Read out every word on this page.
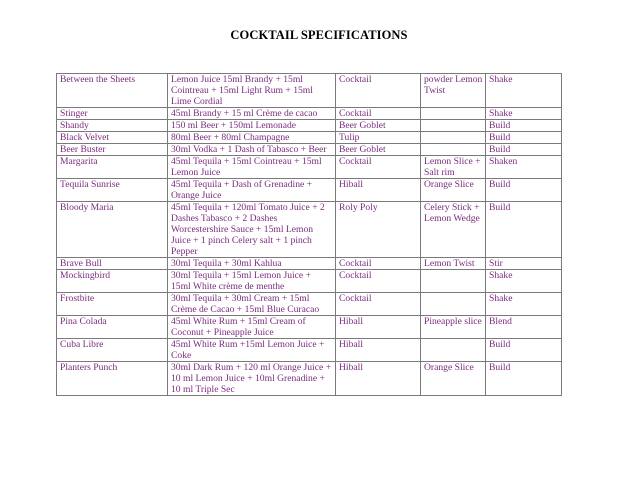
COCKTAIL SPECIFICATIONS
Between the Sheets	Lemon Juice 15ml Brandy + 15ml Cointreau + 15ml Light Rum + 15ml Lime Cordial	Cocktail	powder Lemon Twist	Shake
Stinger	45ml Brandy + 15 ml Crème de cacao	Cocktail		Shake
Shandy	150 ml Beer + 150ml Lemonade	Beer Goblet		Build
Black Velvet	80ml Beer + 80ml Champagne	Tulip		Build
Beer Buster	30ml Vodka + 1 Dash of Tabasco + Beer	Beer Goblet		Build
Margarita	45ml Tequila + 15ml Cointreau + 15ml Lemon Juice	Cocktail	Lemon Slice + Salt rim	Shaken
Tequila Sunrise	45ml Tequila + Dash of Grenadine + Orange Juice	Hiball	Orange Slice	Build
Bloody Maria	45ml Tequila + 120ml Tomato Juice + 2 Dashes Tabasco + 2 Dashes Worcestershire Sauce + 15ml Lemon Juice + 1 pinch Celery salt + 1 pinch Pepper	Roly Poly	Celery Stick + Lemon Wedge	Build
Brave Bull	30ml Tequila + 30ml Kahlua	Cocktail	Lemon Twist	Stir
Mockingbird	30ml Tequila + 15ml Lemon Juice + 15ml White crème de menthe	Cocktail		Shake
Frostbite	30ml Tequila + 30ml Cream + 15ml Crème de Cacao + 15ml Blue Curacao	Cocktail		Shake
Pina Colada	45ml White Rum + 15ml Cream of Coconut + Pineapple Juice	Hiball	Pineapple slice	Blend
Cuba Libre	45ml White Rum +15ml Lemon Juice + Coke	Hiball		Build
Planters Punch	30ml Dark Rum + 120 ml Orange Juice + 10 ml Lemon Juice + 10ml Grenadine + 10 ml Triple Sec	Hiball	Orange Slice	Build
